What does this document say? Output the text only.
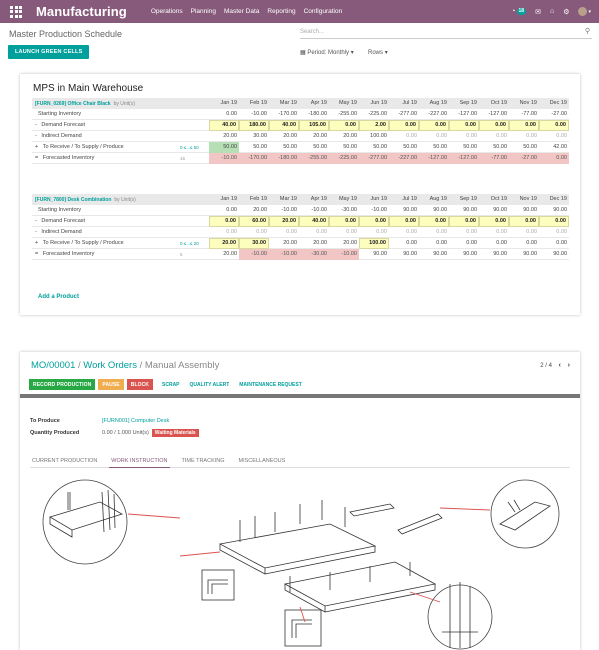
Manufacturing	Operations Planning Master Data Reporting Configuration	◔ 18 ✉ ⌂ ⚙	▾
Master Production Schedule	Search...	⚲
LAUNCH GREEN CELLS	▦ Period: Monthly ▾ Rows ▾
MPS in Main Warehouse
[FURN_0269] Office Chair Black by Unit(s)	Jan 19	Feb 19	Mar 19	Apr 19	May 19	Jun 19	Jul 19	Aug 19	Sep 19	Oct 19	Nov 19	Dec 19
Starting Inventory	0.00	-10.00	-170.00	-180.00	-255.00	-225.00	-277.00	-227.00	-127.00	-127.00	-77.00	-27.00
- Demand Forecast	40.00	180.00	40.00	105.00	0.00	2.00	0.00	0.00	0.00	0.00	0.00	0.00
- Indirect Demand	20.00	30.00	20.00	20.00	20.00	100.00	0.00	0.00	0.00	0.00	0.00	0.00
+ To Receive / To Supply / Produce	0 ≤...≤ 50	50.00	50.00	50.00	50.00	50.00	50.00	50.00	50.00	50.00	50.00	50.00	42.00
= Forecasted Inventory	16	-10.00	-170.00	-180.00	-255.00	-225.00	-277.00	-227.00	-127.00	-127.00	-77.00	-27.00	0.00
[FURN_7800] Desk Combination by Unit(s)	Jan 19	Feb 19	Mar 19	Apr 19	May 19	Jun 19	Jul 19	Aug 19	Sep 19	Oct 19	Nov 19	Dec 19
Starting Inventory	0.00	20.00	-10.00	-10.00	-30.00	-10.00	90.00	90.00	90.00	90.00	90.00	90.00
- Demand Forecast	0.00	60.00	20.00	40.00	0.00	0.00	0.00	0.00	0.00	0.00	0.00	0.00
- Indirect Demand	0.00	0.00	0.00	0.00	0.00	0.00	0.00	0.00	0.00	0.00	0.00	0.00
+ To Receive / To Supply / Produce	0 ≤...≤ 20	20.00	30.00	20.00	20.00	20.00	100.00	0.00	0.00	0.00	0.00	0.00	0.00
= Forecasted Inventory	5	20.00	-10.00	-10.00	-30.00	-10.00	90.00	90.00	90.00	90.00	90.00	90.00	90.00
Add a Product
MO/00001 / Work Orders / Manual Assembly	2 / 4 ‹ ›
RECORD PRODUCTION	PAUSE	BLOCK	SCRAP QUALITY ALERT MAINTENANCE REQUEST
To Produce	[FURN001] Computer Desk
Quantity Produced	0.00 / 1.000 Unit(s)	Waiting Materials
CURRENT PRODUCTION	WORK INSTRUCTION	TIME TRACKING	MISCELLANEOUS
